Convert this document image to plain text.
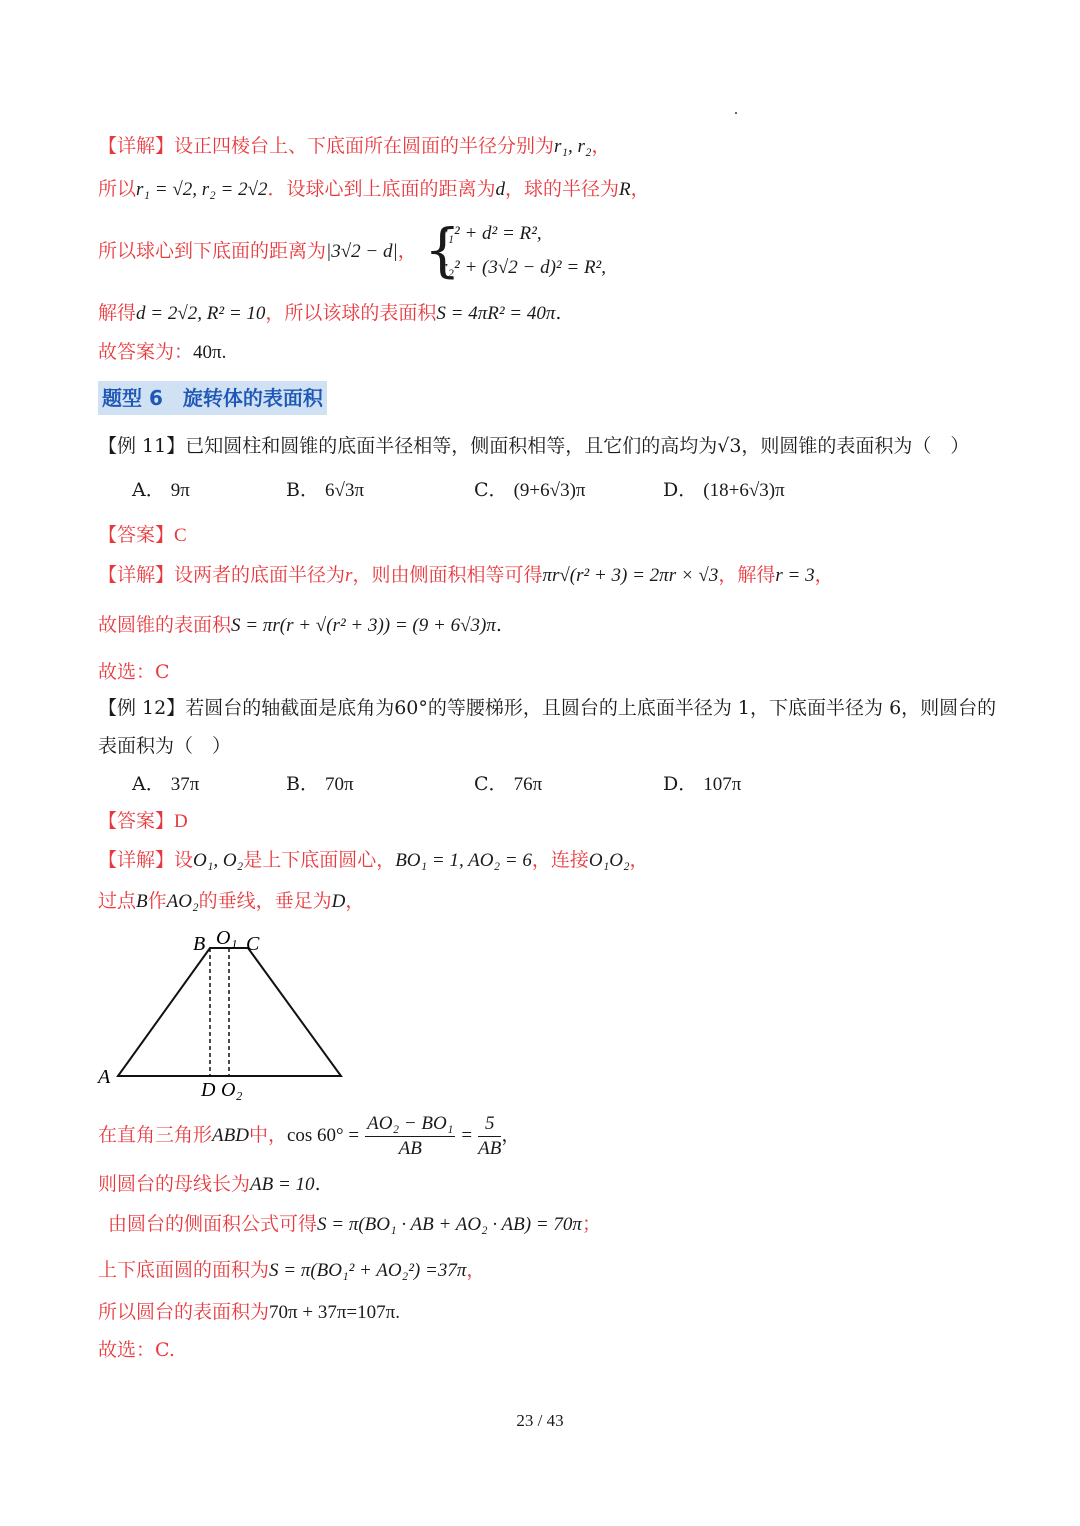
【详解】设正四棱台上、下底面所在圆面的半径分别为r₁, r₂，
所以r₁ = √2, r₂ = 2√2．设球心到上底面的距离为d，球的半径为R，
所以球心到下底面的距离为|3√2 − d|， {
r₁² + d² = R²,
r₂² + (3√2 − d)² = R²,
解得d = 2√2, R² = 10，所以该球的表面积S = 4πR² = 40π.
故答案为：40π.
题型 6　旋转体的表面积
【例 11】已知圆柱和圆锥的底面半径相等，侧面积相等，且它们的高均为√3，则圆锥的表面积为（　）
A． 9π	B． 6√3π	C． (9+6√3)π	D． (18+6√3)π
【答案】C
【详解】设两者的底面半径为r，则由侧面积相等可得πr√(r² + 3) = 2πr × √3，解得r = 3，
故圆锥的表面积S = πr(r + √(r² + 3)) = (9 + 6√3)π.
故选：C
【例 12】若圆台的轴截面是底角为60°的等腰梯形，且圆台的上底面半径为 1，下底面半径为 6，则圆台的
表面积为（　）
A． 37π	B． 70π	C． 76π	D． 107π
【答案】D
【详解】设O₁, O₂是上下底面圆心，BO₁ = 1, AO₂ = 6，连接O₁O₂，
过点B作AO₂的垂线，垂足为D，
B O₁ C
A
D O₂
在直角三角形ABD中，$\cos 60^\circ = \frac{\text{AO₂ − BO₁}}{AB} = \frac{5}{AB}$ ，
则圆台的母线长为AB = 10.
由圆台的侧面积公式可得S = π(BO₁ · AB + AO₂ · AB) = 70π；
上下底面圆的面积为S = π(BO₁² + AO₂²) =37π，
所以圆台的表面积为70π + 37π=107π.
故选：C.
23 / 43
